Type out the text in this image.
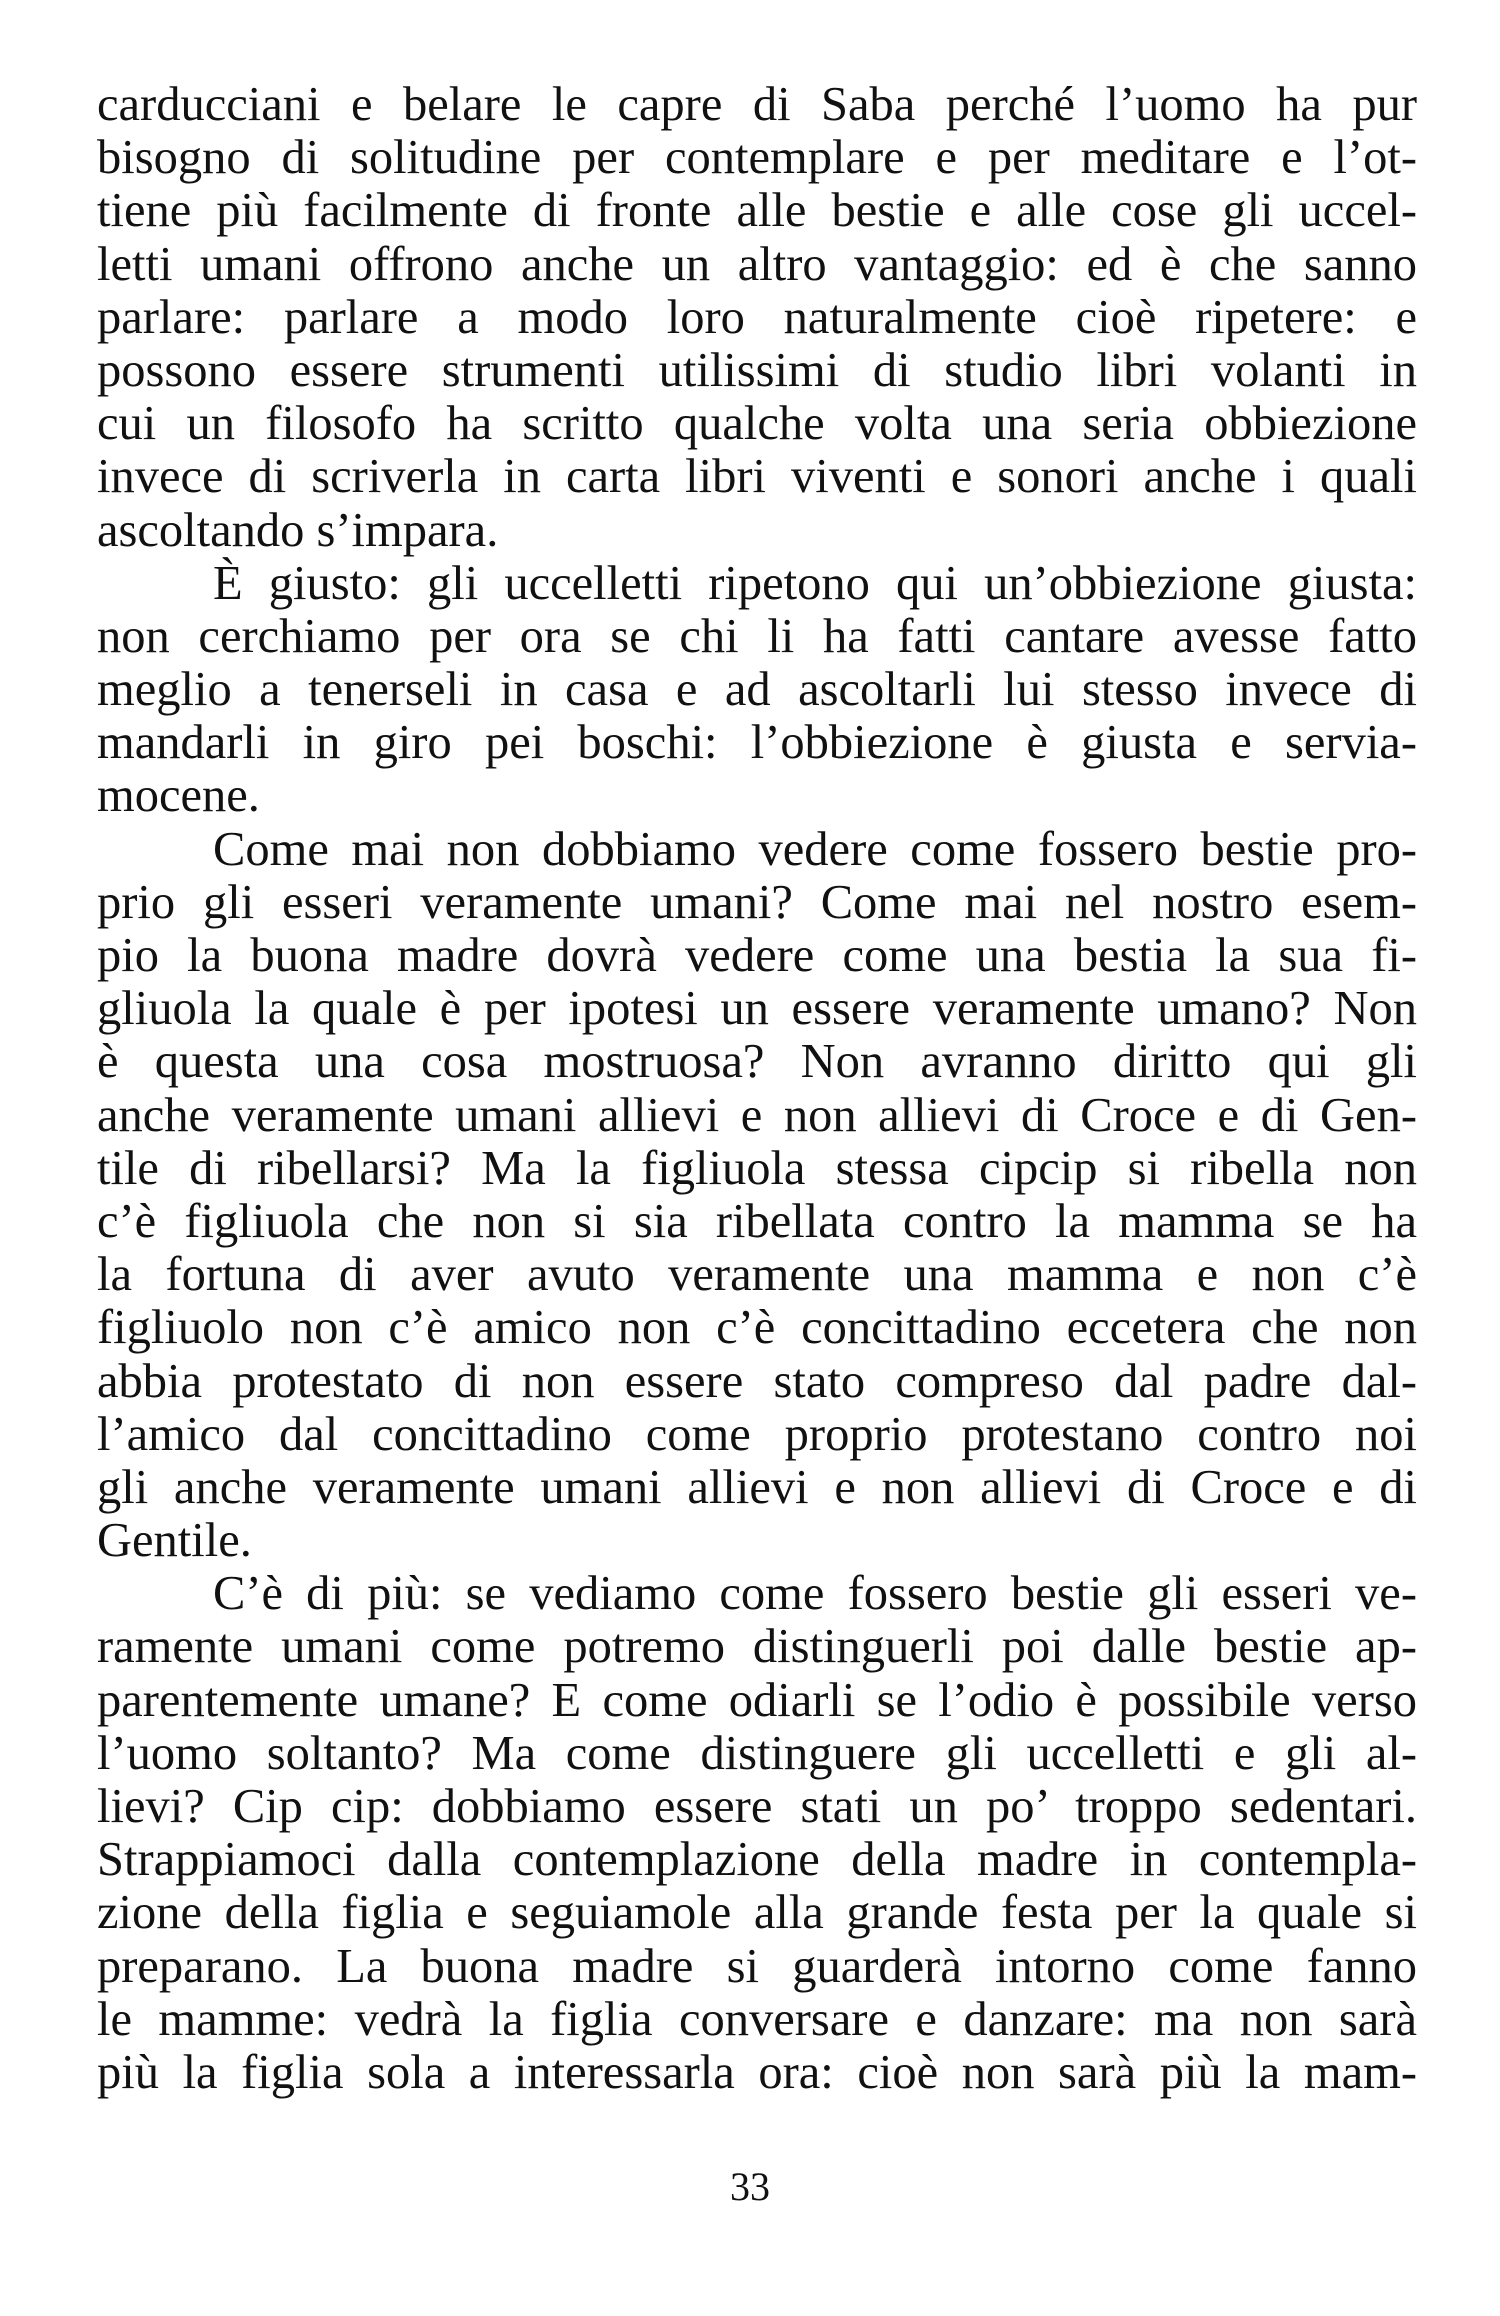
carducciani e belare le capre di Saba perché l’uomo ha pur
bisogno di solitudine per contemplare e per meditare e l’ot-
tiene più facilmente di fronte alle bestie e alle cose gli uccel-
letti umani offrono anche un altro vantaggio: ed è che sanno
parlare: parlare a modo loro naturalmente cioè ripetere: e
possono essere strumenti utilissimi di studio libri volanti in
cui un filosofo ha scritto qualche volta una seria obbiezione
invece di scriverla in carta libri viventi e sonori anche i quali
ascoltando s’impara.
È giusto: gli uccelletti ripetono qui un’obbiezione giusta:
non cerchiamo per ora se chi li ha fatti cantare avesse fatto
meglio a tenerseli in casa e ad ascoltarli lui stesso invece di
mandarli in giro pei boschi: l’obbiezione è giusta e servia-
mocene.
Come mai non dobbiamo vedere come fossero bestie pro-
prio gli esseri veramente umani? Come mai nel nostro esem-
pio la buona madre dovrà vedere come una bestia la sua fi-
gliuola la quale è per ipotesi un essere veramente umano? Non
è questa una cosa mostruosa? Non avranno diritto qui gli
anche veramente umani allievi e non allievi di Croce e di Gen-
tile di ribellarsi? Ma la figliuola stessa cipcip si ribella non
c’è figliuola che non si sia ribellata contro la mamma se ha
la fortuna di aver avuto veramente una mamma e non c’è
figliuolo non c’è amico non c’è concittadino eccetera che non
abbia protestato di non essere stato compreso dal padre dal-
l’amico dal concittadino come proprio protestano contro noi
gli anche veramente umani allievi e non allievi di Croce e di
Gentile.
C’è di più: se vediamo come fossero bestie gli esseri ve-
ramente umani come potremo distinguerli poi dalle bestie ap-
parentemente umane? E come odiarli se l’odio è possibile verso
l’uomo soltanto? Ma come distinguere gli uccelletti e gli al-
lievi? Cip cip: dobbiamo essere stati un po’ troppo sedentari.
Strappiamoci dalla contemplazione della madre in contempla-
zione della figlia e seguiamole alla grande festa per la quale si
preparano. La buona madre si guarderà intorno come fanno
le mamme: vedrà la figlia conversare e danzare: ma non sarà
più la figlia sola a interessarla ora: cioè non sarà più la mam-
33
